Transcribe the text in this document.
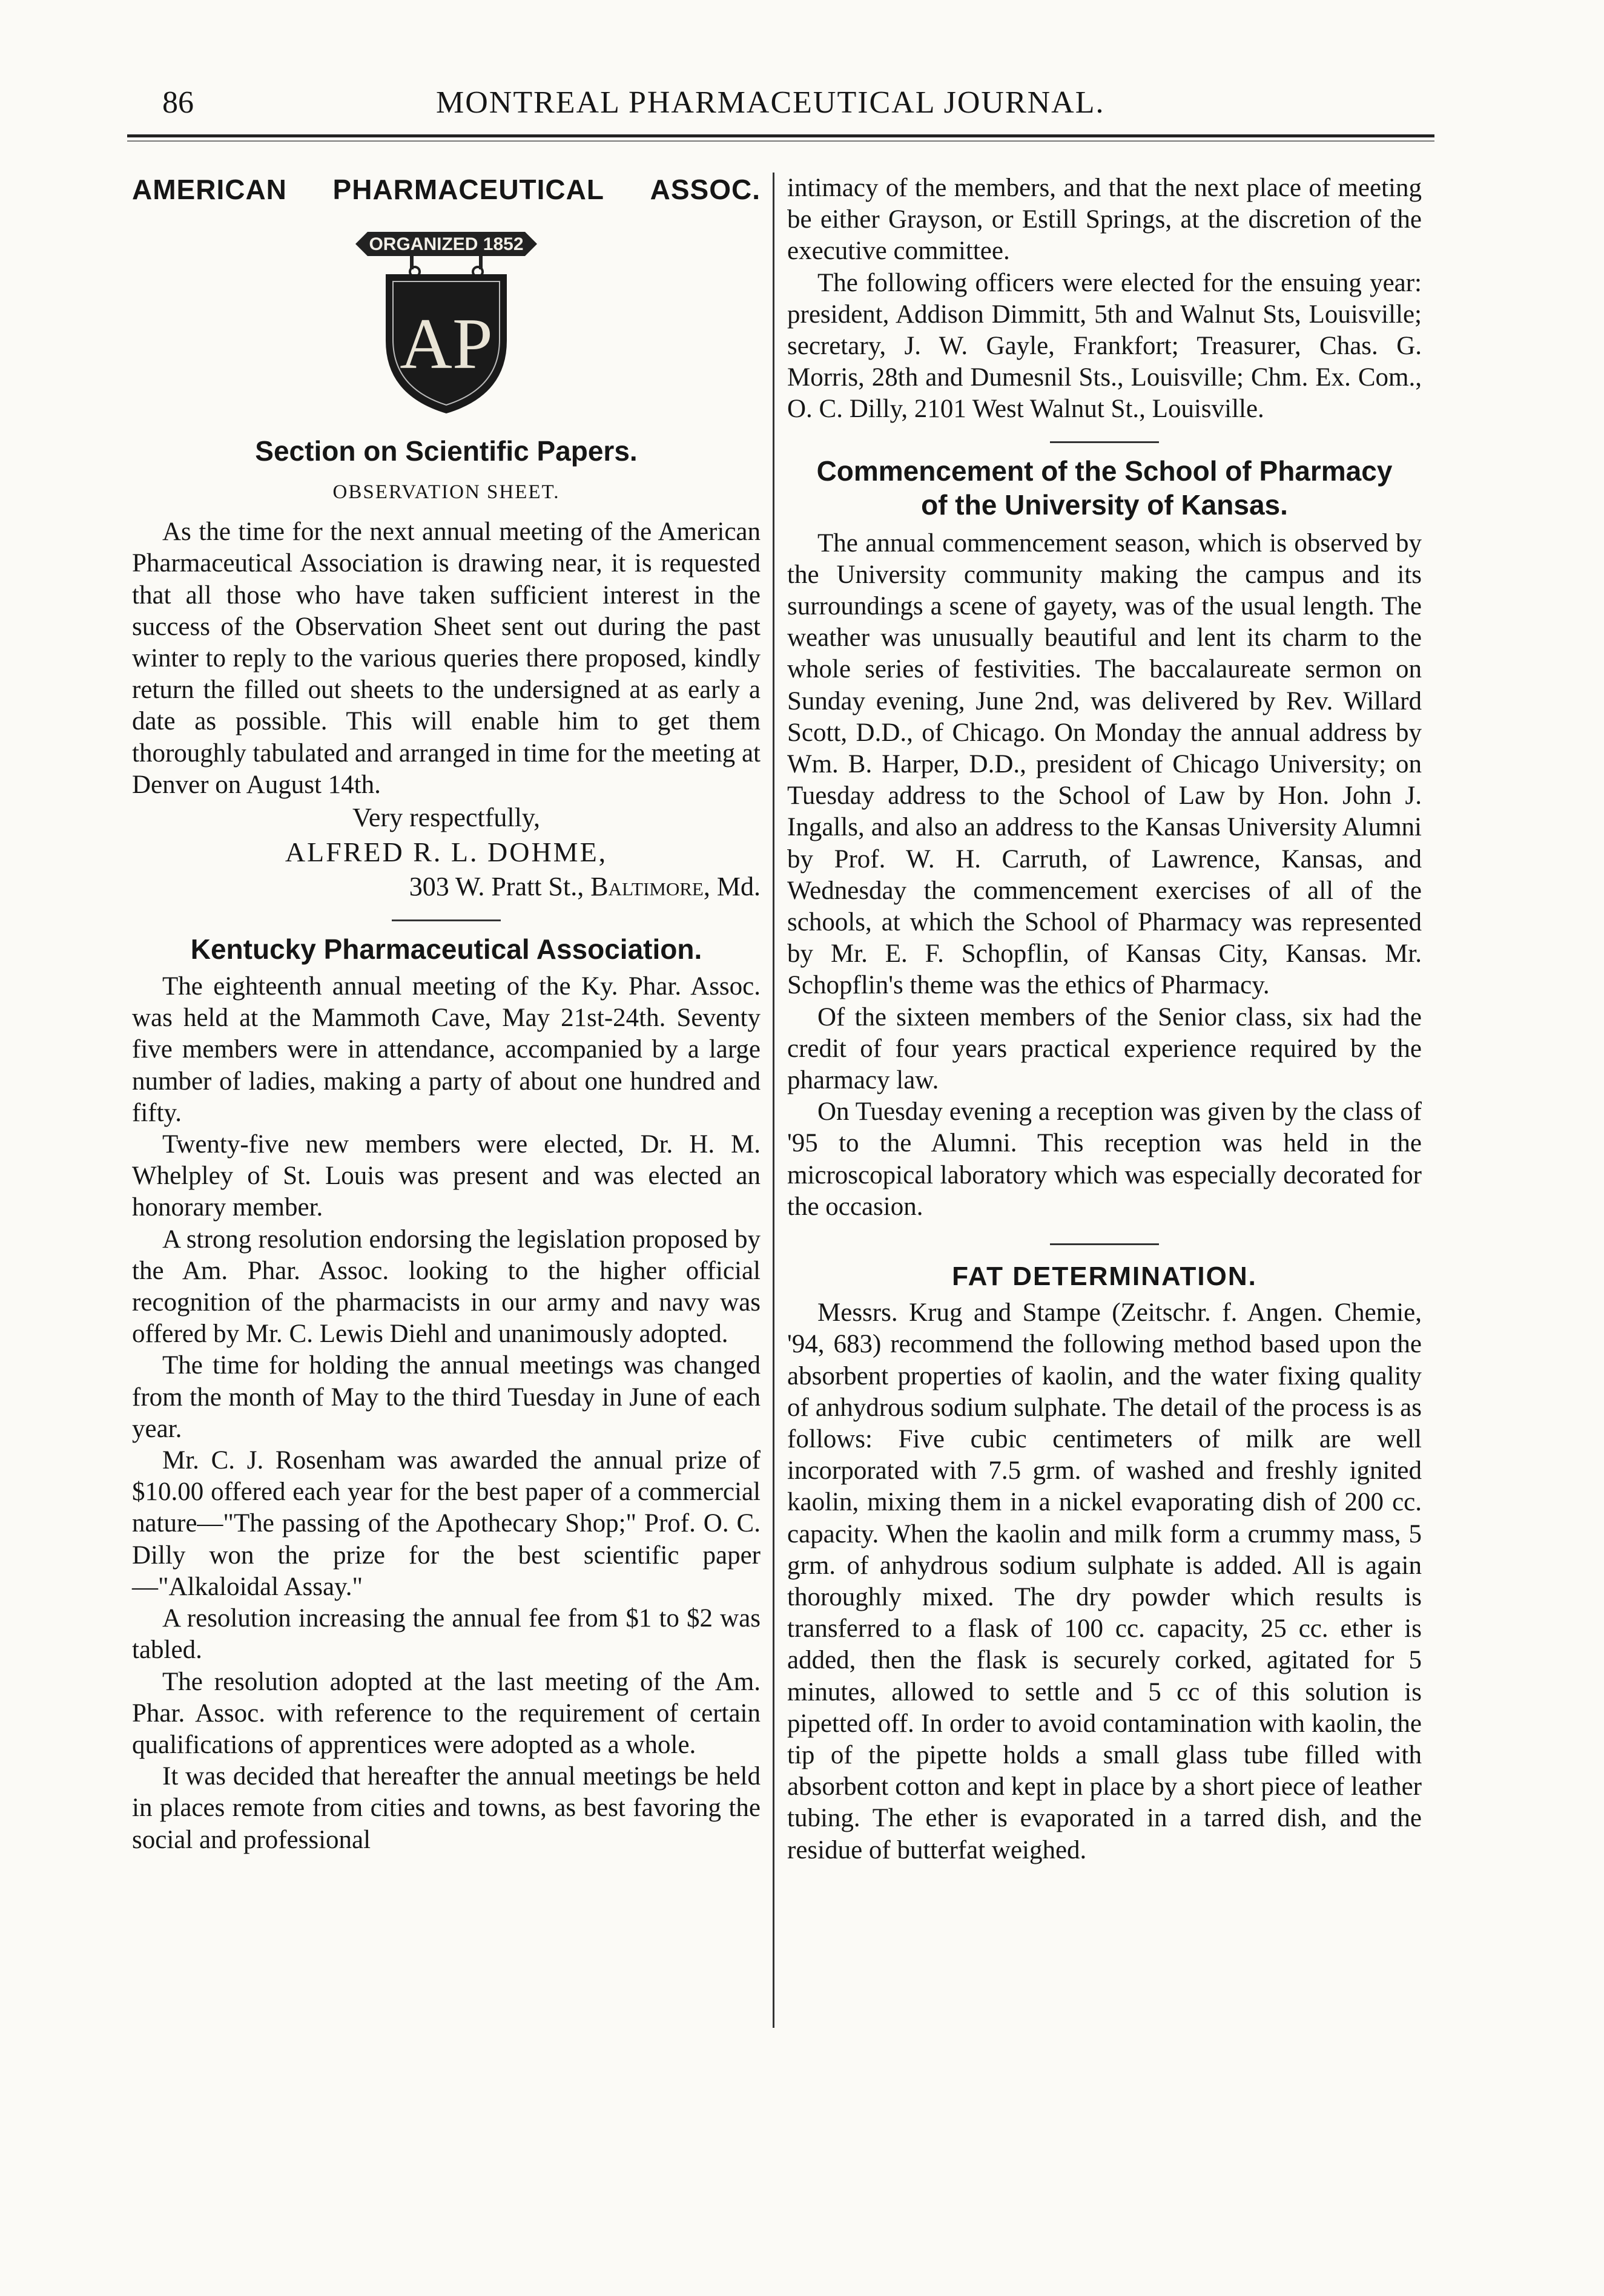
86	MONTREAL PHARMACEUTICAL JOURNAL.
AMERICAN PHARMACEUTICAL ASSOC.
ORGANIZED 1852
AP
Section on Scientific Papers.
OBSERVATION SHEET.

As the time for the next annual meeting of the American Pharmaceutical Association is drawing near, it is requested that all those who have taken sufficient interest in the success of the Observation Sheet sent out during the past winter to reply to the various queries there proposed, kindly return the filled out sheets to the undersigned at as early a date as possible. This will enable him to get them thoroughly tabulated and arranged in time for the meeting at Denver on August 14th.

Very respectfully,
ALFRED R. L. DOHME,
303 W. Pratt St., Baltimore, Md.
Kentucky Pharmaceutical Association.

The eighteenth annual meeting of the Ky. Phar. Assoc. was held at the Mammoth Cave, May 21st-24th. Seventy five members were in attendance, accompanied by a large number of ladies, making a party of about one hundred and fifty.

Twenty-five new members were elected, Dr. H. M. Whelpley of St. Louis was present and was elected an honorary member.

A strong resolution endorsing the legislation proposed by the Am. Phar. Assoc. looking to the higher official recognition of the pharmacists in our army and navy was offered by Mr. C. Lewis Diehl and unanimously adopted.

The time for holding the annual meetings was changed from the month of May to the third Tuesday in June of each year.

Mr. C. J. Rosenham was awarded the annual prize of $10.00 offered each year for the best paper of a commercial nature—"The passing of the Apothecary Shop;" Prof. O. C. Dilly won the prize for the best scientific paper—"Alkaloidal Assay."

A resolution increasing the annual fee from $1 to $2 was tabled.

The resolution adopted at the last meeting of the Am. Phar. Assoc. with reference to the requirement of certain qualifications of apprentices were adopted as a whole.

It was decided that hereafter the annual meetings be held in places remote from cities and towns, as best favoring the social and professional

intimacy of the members, and that the next place of meeting be either Grayson, or Estill Springs, at the discretion of the executive committee.

The following officers were elected for the ensuing year: president, Addison Dimmitt, 5th and Walnut Sts, Louisville; secretary, J. W. Gayle, Frankfort; Treasurer, Chas. G. Morris, 28th and Dumesnil Sts., Louisville; Chm. Ex. Com., O. C. Dilly, 2101 West Walnut St., Louisville.

Commencement of the School of Pharmacy
of the University of Kansas.

The annual commencement season, which is observed by the University community making the campus and its surroundings a scene of gayety, was of the usual length. The weather was unusually beautiful and lent its charm to the whole series of festivities. The baccalaureate sermon on Sunday evening, June 2nd, was delivered by Rev. Willard Scott, D.D., of Chicago. On Monday the annual address by Wm. B. Harper, D.D., president of Chicago University; on Tuesday address to the School of Law by Hon. John J. Ingalls, and also an address to the Kansas University Alumni by Prof. W. H. Carruth, of Lawrence, Kansas, and Wednesday the commencement exercises of all of the schools, at which the School of Pharmacy was represented by Mr. E. F. Schopflin, of Kansas City, Kansas. Mr. Schopflin's theme was the ethics of Pharmacy.

Of the sixteen members of the Senior class, six had the credit of four years practical experience required by the pharmacy law.

On Tuesday evening a reception was given by the class of '95 to the Alumni. This reception was held in the microscopical laboratory which was especially decorated for the occasion.

FAT DETERMINATION.

Messrs. Krug and Stampe (Zeitschr. f. Angen. Chemie, '94, 683) recommend the following method based upon the absorbent properties of kaolin, and the water fixing quality of anhydrous sodium sulphate. The detail of the process is as follows: Five cubic centimeters of milk are well incorporated with 7.5 grm. of washed and freshly ignited kaolin, mixing them in a nickel evaporating dish of 200 cc. capacity. When the kaolin and milk form a crummy mass, 5 grm. of anhydrous sodium sulphate is added. All is again thoroughly mixed. The dry powder which results is transferred to a flask of 100 cc. capacity, 25 cc. ether is added, then the flask is securely corked, agitated for 5 minutes, allowed to settle and 5 cc of this solution is pipetted off. In order to avoid contamination with kaolin, the tip of the pipette holds a small glass tube filled with absorbent cotton and kept in place by a short piece of leather tubing. The ether is evaporated in a tarred dish, and the residue of butterfat weighed.
